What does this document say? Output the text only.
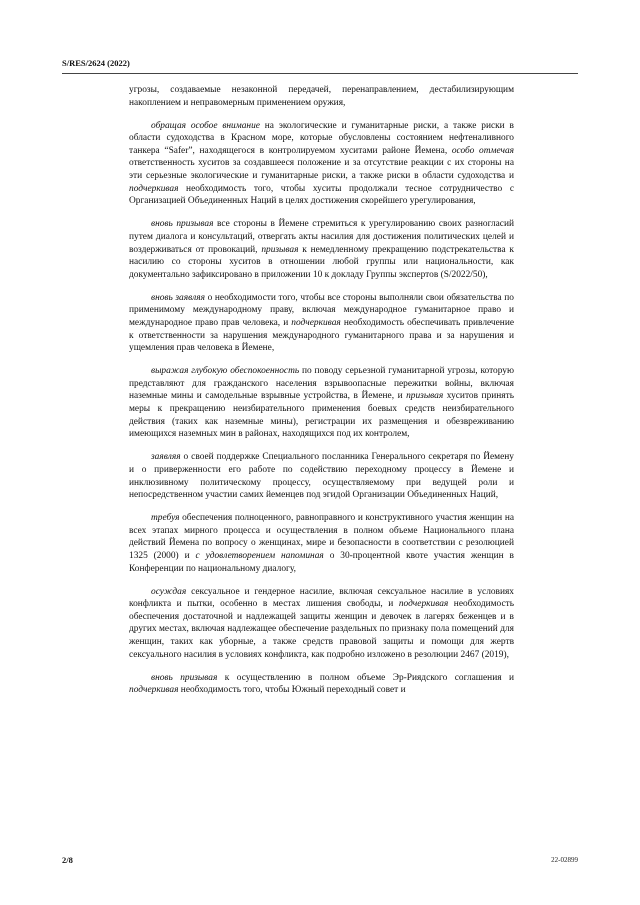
S/RES/2624 (2022)

угрозы, создаваемые незаконной передачей, перенаправлением, дестабилизирующим накоплением и неправомерным применением оружия,

обращая особое внимание на экологические и гуманитарные риски, а также риски в области судоходства в Красном море, которые обусловлены состоянием нефтеналивного танкера “Safer”, находящегося в контролируемом хуситами районе Йемена, особо отмечая ответственность хуситов за создавшееся положение и за отсутствие реакции с их стороны на эти серьезные экологические и гуманитарные риски, а также риски в области судоходства и подчеркивая необходимость того, чтобы хуситы продолжали тесное сотрудничество с Организацией Объединенных Наций в целях достижения скорейшего урегулирования,

вновь призывая все стороны в Йемене стремиться к урегулированию своих разногласий путем диалога и консультаций, отвергать акты насилия для достижения политических целей и воздерживаться от провокаций, призывая к немедленному прекращению подстрекательства к насилию со стороны хуситов в отношении любой группы или национальности, как документально зафиксировано в приложении 10 к докладу Группы экспертов (S/2022/50),

вновь заявляя о необходимости того, чтобы все стороны выполняли свои обязательства по применимому международному праву, включая международное гуманитарное право и международное право прав человека, и подчеркивая необходимость обеспечивать привлечение к ответственности за нарушения международного гуманитарного права и за нарушения и ущемления прав человека в Йемене,

выражая глубокую обеспокоенность по поводу серьезной гуманитарной угрозы, которую представляют для гражданского населения взрывоопасные пережитки войны, включая наземные мины и самодельные взрывные устройства, в Йемене, и призывая хуситов принять меры к прекращению неизбирательного применения боевых средств неизбирательного действия (таких как наземные мины), регистрации их размещения и обезвреживанию имеющихся наземных мин в районах, находящихся под их контролем,

заявляя о своей поддержке Специального посланника Генерального секретаря по Йемену и о приверженности его работе по содействию переходному процессу в Йемене и инклюзивному политическому процессу, осуществляемому при ведущей роли и непосредственном участии самих йеменцев под эгидой Организации Объединенных Наций,

требуя обеспечения полноценного, равноправного и конструктивного участия женщин на всех этапах мирного процесса и осуществления в полном объеме Национального плана действий Йемена по вопросу о женщинах, мире и безопасности в соответствии с резолюцией 1325 (2000) и с удовлетворением напоминая о 30-процентной квоте участия женщин в Конференции по национальному диалогу,

осуждая сексуальное и гендерное насилие, включая сексуальное насилие в условиях конфликта и пытки, особенно в местах лишения свободы, и подчеркивая необходимость обеспечения достаточной и надлежащей защиты женщин и девочек в лагерях беженцев и в других местах, включая надлежащее обеспечение раздельных по признаку пола помещений для женщин, таких как уборные, а также средств правовой защиты и помощи для жертв сексуального насилия в условиях конфликта, как подробно изложено в резолюции 2467 (2019),

вновь призывая к осуществлению в полном объеме Эр-Риядского соглашения и подчеркивая необходимость того, чтобы Южный переходный совет и

2/8	22-02899
